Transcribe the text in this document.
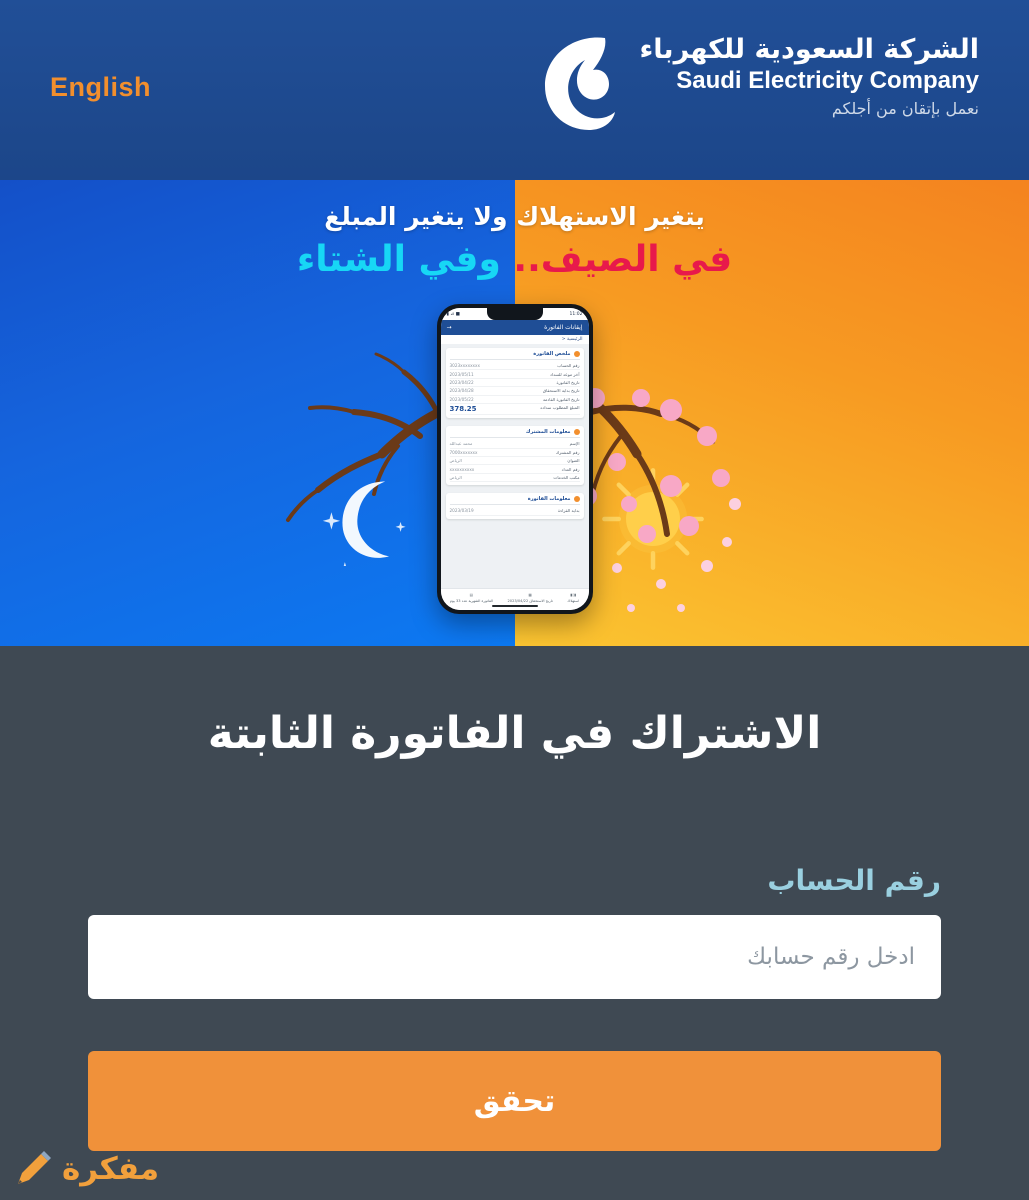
English
الشركة السعودية للكهرباء
Saudi Electricity Company
نعمل بإتقان من أجلكم
يتغير الاستهلاك ولا يتغير المبلغ
في الصيف.. وفي الشتاء
11:02
■ ⊿ ▮
إيقانات الفاتورة
→
الرئيسية <
ملخص الفاتورة
رقم الحساب
3023xxxxxxxx
آخر موعد للسداد
2023/05/11
تاريخ الفاتورة
2023/04/22
تاريخ بداية الاستحقاق
2023/04/28
تاريخ الفاتورة القادمة
2023/05/22
المبلغ المطلوب سداده
378.25
معلومات المشترك
الإسم
محمد عبدالله
رقم المشترك
7000xxxxxxx
العنوان
الرياض
رقم العداد
xxxxxxxxxx
مكتب الخدمات
الرياض
معلومات الفاتورة
بداية القراءة
2023/03/19
▮▯▮
استهلاك
▦
تاريخ الاستحقاق 2023/04/22
▤
الفاتورة الشهرية عدد 33 يوم
الاشتراك في الفاتورة الثابتة
رقم الحساب
ادخل رقم حسابك تحقق
مفكرة
